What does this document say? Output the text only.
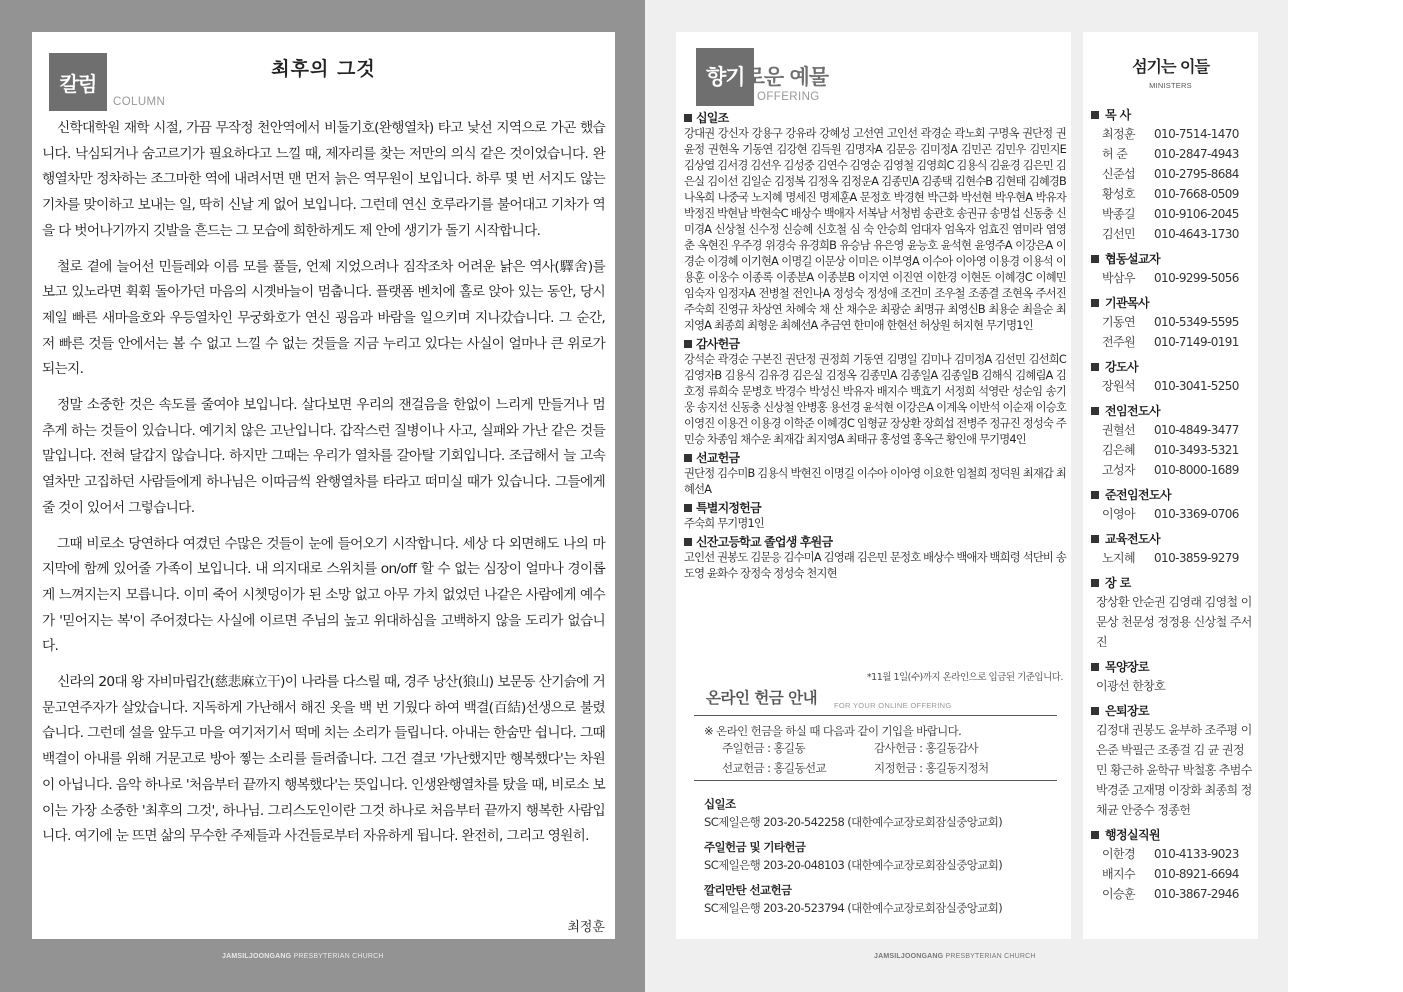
칼럼
COLUMN
최후의 그것

신학대학원 재학 시절, 가끔 무작정 천안역에서 비둘기호(완행열차) 타고 낯선 지역으로 가곤 했습니다. 낙심되거나 숨고르기가 필요하다고 느낄 때, 제자리를 찾는 저만의 의식 같은 것이었습니다. 완행열차만 정차하는 조그마한 역에 내려서면 맨 먼저 늙은 역무원이 보입니다. 하루 몇 번 서지도 않는 기차를 맞이하고 보내는 일, 딱히 신날 게 없어 보입니다. 그런데 연신 호루라기를 불어대고 기차가 역을 다 벗어나기까지 깃발을 흔드는 그 모습에 희한하게도 제 안에 생기가 돌기 시작합니다.

철로 곁에 늘어선 민들레와 이름 모를 풀들, 언제 지었으려나 짐작조차 어려운 낡은 역사(驛舍)를 보고 있노라면 휙휙 돌아가던 마음의 시곗바늘이 멈춥니다. 플랫폼 벤치에 홀로 앉아 있는 동안, 당시 제일 빠른 새마을호와 우등열차인 무궁화호가 연신 굉음과 바람을 일으키며 지나갔습니다. 그 순간, 저 빠른 것들 안에서는 볼 수 없고 느낄 수 없는 것들을 지금 누리고 있다는 사실이 얼마나 큰 위로가 되는지.

정말 소중한 것은 속도를 줄여야 보입니다. 살다보면 우리의 잰걸음을 한없이 느리게 만들거나 멈추게 하는 것들이 있습니다. 예기치 않은 고난입니다. 갑작스런 질병이나 사고, 실패와 가난 같은 것들 말입니다. 전혀 달갑지 않습니다. 하지만 그때는 우리가 열차를 갈아탈 기회입니다. 조급해서 늘 고속열차만 고집하던 사람들에게 하나님은 이따금씩 완행열차를 타라고 떠미실 때가 있습니다. 그들에게 줄 것이 있어서 그렇습니다.

그때 비로소 당연하다 여겼던 수많은 것들이 눈에 들어오기 시작합니다. 세상 다 외면해도 나의 마지막에 함께 있어줄 가족이 보입니다. 내 의지대로 스위치를 on/off 할 수 없는 심장이 얼마나 경이롭게 느껴지는지 모릅니다. 이미 죽어 시쳇덩이가 된 소망 없고 아무 가치 없었던 나같은 사람에게 예수가 '믿어지는 복'이 주어졌다는 사실에 이르면 주님의 높고 위대하심을 고백하지 않을 도리가 없습니다.

신라의 20대 왕 자비마립간(慈悲麻立干)이 나라를 다스릴 때, 경주 낭산(狼山) 보문동 산기슭에 거문고연주자가 살았습니다. 지독하게 가난해서 해진 옷을 백 번 기웠다 하여 백결(百結)선생으로 불렸습니다. 그런데 설을 앞두고 마을 여기저기서 떡메 치는 소리가 들립니다. 아내는 한숨만 쉽니다. 그때 백결이 아내를 위해 거문고로 방아 찧는 소리를 들려줍니다. 그건 결코 '가난했지만 행복했다'는 차원이 아닙니다. 음악 하나로 '처음부터 끝까지 행복했다'는 뜻입니다. 인생완행열차를 탔을 때, 비로소 보이는 가장 소중한 '최후의 그것', 하나님. 그리스도인이란 그것 하나로 처음부터 끝까지 행복한 사람입니다. 여기에 눈 뜨면 삶의 무수한 주제들과 사건들로부터 자유하게 됩니다. 완전히, 그리고 영원히.

최정훈
JAMSILJOONGANG PRESBYTERIAN CHURCH
향기로운 예물
OFFERING
십일조
강대권 강신자 강용구 강유라 강혜성 고선연 고인선 곽경순 곽노회 구명옥 권단정 권윤정 권현옥 기동연 김강현 김득원 김명자A 김문응 김미정A 김민곤 김민우 김민지E 김상열 김서경 김선우 김성중 김연수 김영순 김영철 김영희C 김용식 김윤경 김은민 김은실 김이선 김일순 김정복 김정옥 김정운A 김종민A 김종택 김현수B 김현태 김혜경B 나옥희 나중국 노지혜 명세진 명제훈A 문정호 박경현 박근화 박선현 박우현A 박유자 박정진 박현남 박현숙C 배상수 백애자 서복남 서청범 송관호 송권규 송명섭 신동충 신미경A 신상철 신수정 신승혜 신호철 심 숙 안승희 엄대자 엄옥자 엄효진 염미라 염영춘 옥현진 우주경 위경숙 유경희B 유승남 유은영 윤능호 윤석현 윤영주A 이강은A 이경순 이경혜 이기현A 이명길 이문상 이미은 이부영A 이수아 이아영 이용경 이용석 이용훈 이웅수 이종록 이종분A 이종분B 이지연 이진연 이한경 이현돈 이혜경C 이혜민 임숙자 임정자A 전병철 전인나A 정성숙 정성애 조건미 조우철 조종결 조현옥 주서진 주숙희 진영규 차상연 차혜숙 채 산 채수운 최광순 최명규 최영신B 최용순 최을순 최지영A 최종희 최형운 최혜선A 추금연 한미애 한현선 허상원 허지현 무기명1인
감사헌금
강석순 곽경순 구본진 권단정 권정희 기동연 김명일 김미나 김미정A 김선민 김선희C 김영자B 김용식 김유경 김은실 김정옥 김종민A 김종일A 김종일B 김해식 김혜림A 김호정 류희숙 문병호 박경수 박성신 박유자 배지수 백효기 서정희 석영란 성순임 송기웅 송지선 신동충 신상철 안병홍 용선경 윤석현 이강은A 이계옥 이반석 이순재 이승호 이영진 이용건 이용경 이학준 이혜경C 임형균 장상환 장희섭 전병주 정규진 정성숙 주민승 차종임 채수운 최재갑 최지영A 최태규 홍성열 홍옥근 황인애 무기명4인
선교헌금
권단정 김수미B 김용식 박현진 이명길 이수아 이아영 이요한 임철희 정덕원 최재갑 최혜선A
특별지정헌금
주숙희 무기명1인
신잔고등학교 졸업생 후원금
고인선 권봉도 김문응 김수미A 김영래 김은민 문정호 배상수 백애자 백희령 석단비 송도영 윤화수 장정숙 정성숙 천지현
*11월 1일(수)까지 온라인으로 입금된 기준입니다.
온라인 헌금 안내 FOR YOUR ONLINE OFFERING
※ 온라인 헌금을 하실 때 다음과 같이 기입을 바랍니다.
주일헌금 : 홍길동	감사헌금 : 홍길동감사
선교헌금 : 홍길동선교	지정헌금 : 홍길동지정처
십일조
SC제일은행 203-20-542258 (대한예수교장로회잠실중앙교회)
주일헌금 및 기타헌금
SC제일은행 203-20-048103 (대한예수교장로회잠실중앙교회)
깔리만탄 선교헌금
SC제일은행 203-20-523794 (대한예수교장로회잠실중앙교회)
섬기는 이들
MINISTERS
목 사
최정훈 010-7514-1470
허 준 010-2847-4943
신준섭 010-2795-8684
황성호 010-7668-0509
박종길 010-9106-2045
김선민 010-4643-1730
협동설교자
박삼우 010-9299-5056
기관목사
기동연 010-5349-5595
전주원 010-7149-0191
강도사
장원석 010-3041-5250
전임전도사
권혈선 010-4849-3477
김은혜 010-3493-5321
고성자 010-8000-1689
준전임전도사
이영아 010-3369-0706
교육전도사
노지혜 010-3859-9279
장 로
장상환 안순권 김영래 김영철 이문상 천문성 정정용 신상철 주서진
목양장로
이광선 한창호
은퇴장로
김정대 권봉도 윤부하 조주평 이은준 박필근 조종걸 김 균 권정민 황근하 윤학규 박철홍 추범수 박경준 고재명 이장화 최종희 정채균 안중수 정종헌
행정실직원
이한경 010-4133-9023
배지수 010-8921-6694
이승훈 010-3867-2946
JAMSILJOONGANG PRESBYTERIAN CHURCH
